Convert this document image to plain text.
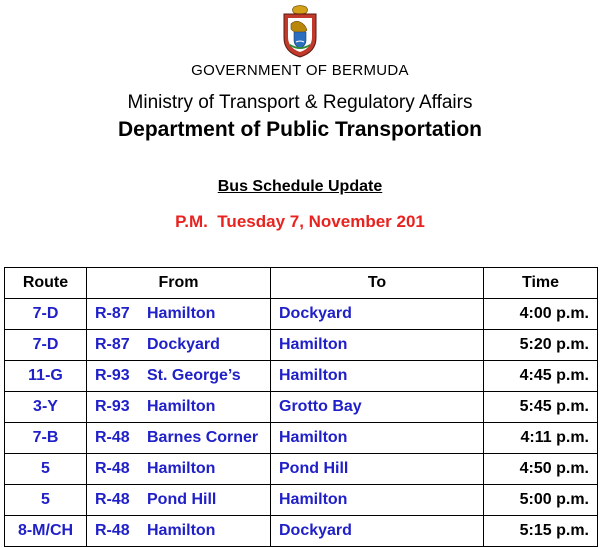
GOVERNMENT OF BERMUDA
Ministry of Transport & Regulatory Affairs
Department of Public Transportation
Bus Schedule Update
P.M.  Tuesday 7, November 201
Route	From	To	Time
7-D	R-87 Hamilton	Dockyard	4:00 p.m.
7-D	R-87 Dockyard	Hamilton	5:20 p.m.
11-G	R-93 St. George’s	Hamilton	4:45 p.m.
3-Y	R-93 Hamilton	Grotto Bay	5:45 p.m.
7-B	R-48 Barnes Corner	Hamilton	4:11 p.m.
5	R-48 Hamilton	Pond Hill	4:50 p.m.
5	R-48 Pond Hill	Hamilton	5:00 p.m.
8-M/CH	R-48 Hamilton	Dockyard	5:15 p.m.
